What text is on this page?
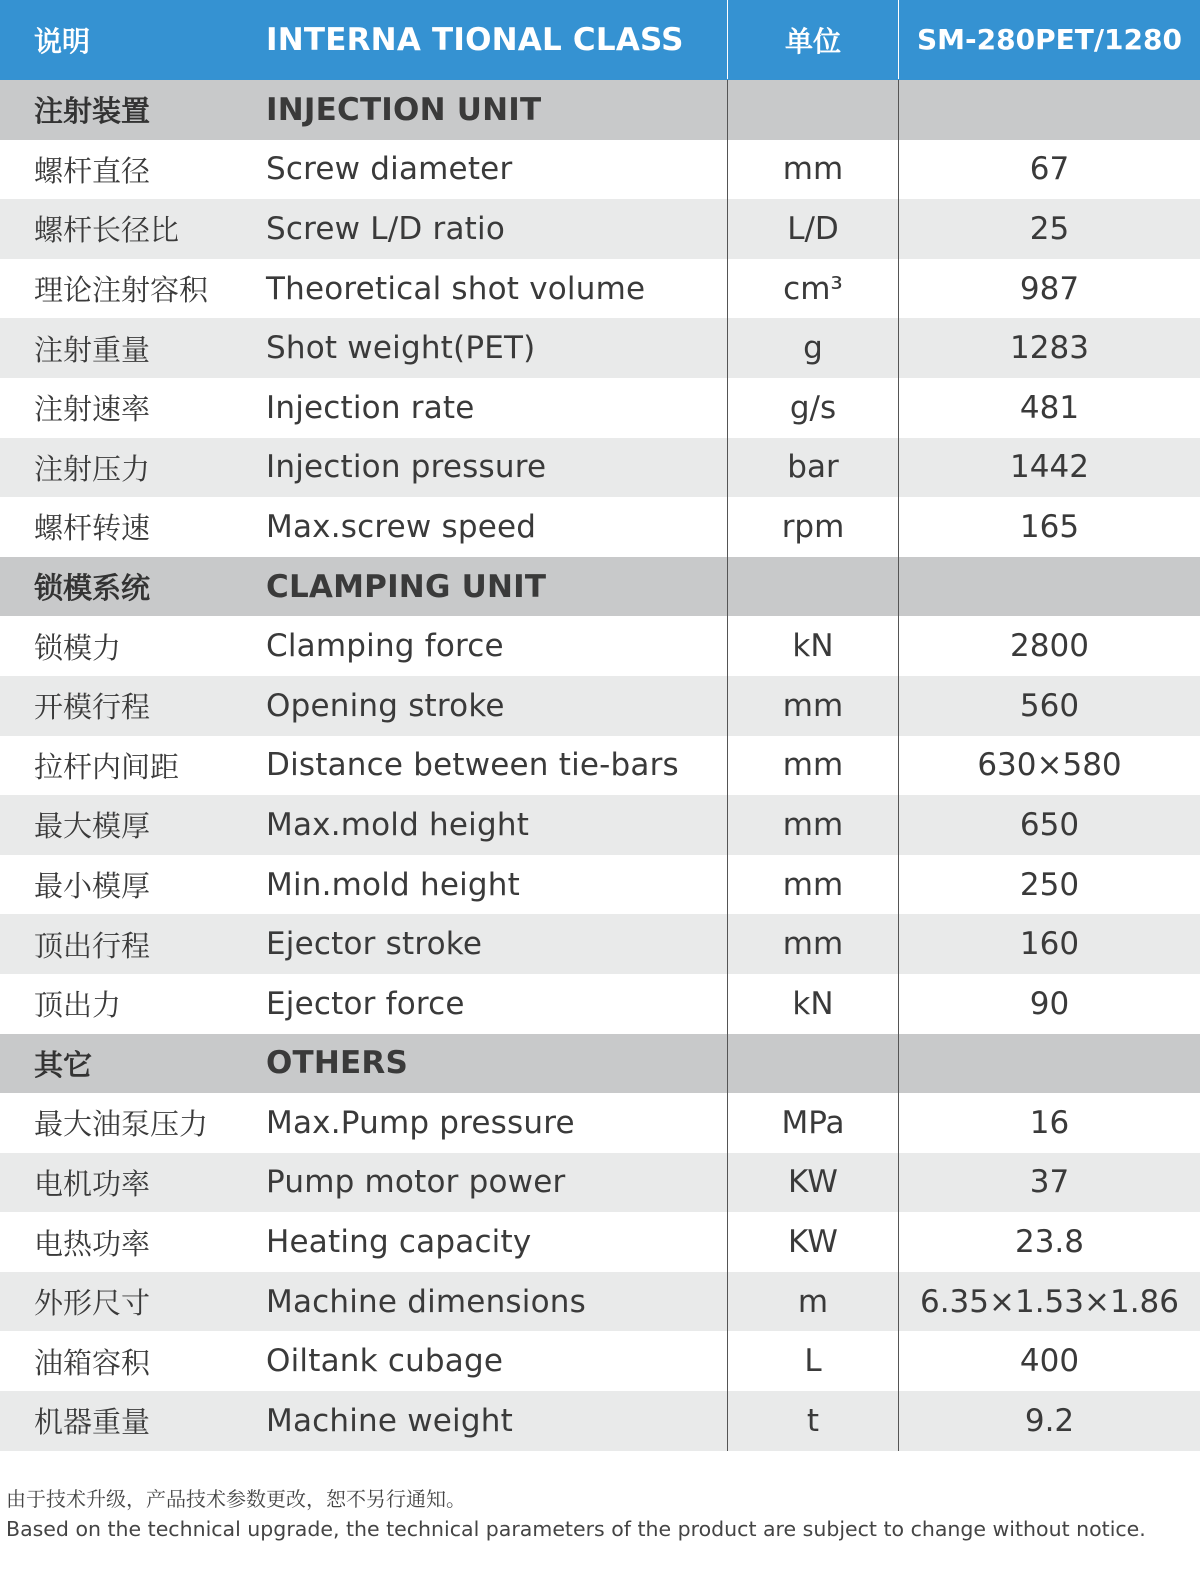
说明	INTERNA TIONAL CLASS	单位	SM-280PET/1280
注射装置	INJECTION UNIT
螺杆直径	Screw diameter	mm	67
螺杆长径比	Screw L/D ratio	L/D	25
理论注射容积	Theoretical shot volume	cm³	987
注射重量	Shot weight(PET)	g	1283
注射速率	Injection rate	g/s	481
注射压力	Injection pressure	bar	1442
螺杆转速	Max.screw speed	rpm	165
锁模系统	CLAMPING UNIT
锁模力	Clamping force	kN	2800
开模行程	Opening stroke	mm	560
拉杆内间距	Distance between tie-bars	mm	630×580
最大模厚	Max.mold height	mm	650
最小模厚	Min.mold height	mm	250
顶出行程	Ejector stroke	mm	160
顶出力	Ejector force	kN	90
其它	OTHERS
最大油泵压力	Max.Pump pressure	MPa	16
电机功率	Pump motor power	KW	37
电热功率	Heating capacity	KW	23.8
外形尺寸	Machine dimensions	m	6.35×1.53×1.86
油箱容积	Oiltank cubage	L	400
机器重量	Machine weight	t	9.2
由于技术升级，产品技术参数更改，恕不另行通知。
Based on the technical upgrade, the technical parameters of the product are subject to change without notice.
